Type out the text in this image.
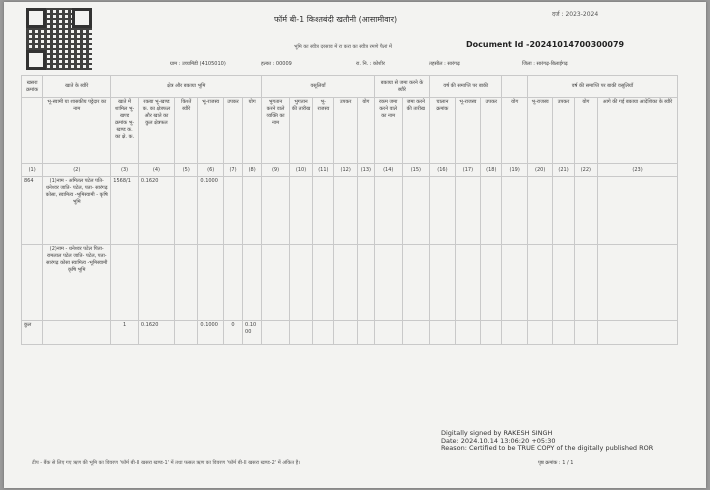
फॉर्म बी-1 किश्तबंदी खतौनी (आसामीवार)
दर्ज : 2023-2024
भूमि का स्वीत्र दरसाव में रा करा का स्वीत्र रमणे पैलां में	Document Id -20241014700300079
ग्राम : उच्चमिंडी (4105010)	हल्का : 00009	रा. नि. : कोशीर	तहसील : सारंगढ़	जिला : सारंगढ़-बिलाईगढ़
खसरा क्रमांक	खाते के ब्यौरे	क्षेत्र और बकाया भूमि						वसूलियाँ					बकाया से जमा करने के ब्यौरे		वर्ष की समाप्ति पर बाकी				वर्ष की समाप्ति पर बाकी वसूलियाँ			
	भू-स्वामी या शासकीय पट्टेदार का नाम	खाते में शामिल भू-खण्ड क्रमांक भू-खण्ड क. का क्षे. क.	रकबा भू-खण्ड क. का क्षेत्रफल और खाते का कुल क्षेत्रफल	किश्तें ब्यौरे	भू-राजस्व	उपकर	योग	भुगतान करने वाले व्यक्ति का नाम	भुगतान की तारीख	भू-राजस्व	उपकर	योग	रकम जमा करने वाले का नाम	जमा करने की तारीख	चालान क्रमांक	भू-राजस्व	उपकर	योग	भू-राजस्व	उपकर	योग	आगे की गई बकाया आदेशिका के ब्यौरे
(1)	(2)	(3)	(4)	(5)	(6)	(7)	(8)	(9)	(10)	(11)	(12)	(13)	(14)	(15)	(16)	(17)	(18)	(19)	(20)	(21)	(22)	(23)
864	(1)नाम - अमितल पटेल पति- धनेश्वर जाति- पटेल, पता- सारंगढ़ कोसा, स्वामित्व -भूमिस्वामी - कृषि भूमि	1568/1	0.1620		0.1000																	
	(2)नाम - धनेश्वर पटेल पिता- रामलाल पटेल जाति- पटेल, पता- सारंगढ़ कोसा स्वामित्व -भूमिस्वामी कृषि भूमि																					
कुल		1	0.1620		0.1000	0	0.10
00															
Digitally signed by RAKESH SINGH
Date: 2024.10.14 13:06:20 +05:30
Reason: Certified to be TRUE COPY of the digitally published ROR
टीप - बैंक से लिए गए ऋण की भूमि का विवरण 'फॉर्म बी-II खसरा खण्ड-1' में तथा फसल ऋण का विवरण 'फॉर्म बी-II खसरा खण्ड-2' में अंकित है।	पृष्ठ क्रमांक : 1 / 1
